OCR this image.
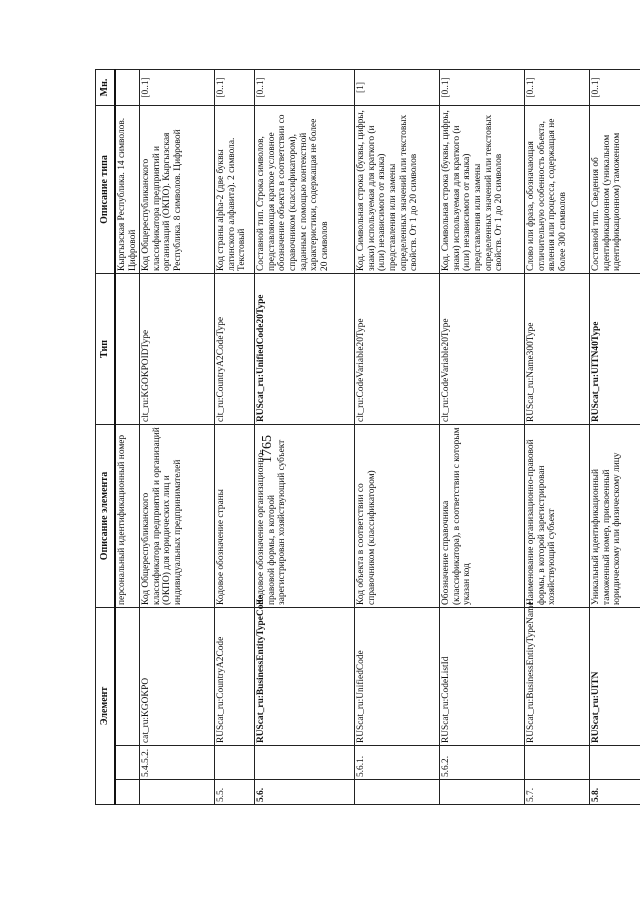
1765
Элемент			Описание элемента	Тип	Описание типа	Мн.
			персональный идентификационный номер		Кыргызская Республика. 14 символов. Цифровой	
	5.4.5.2.	cat_ru:KGOKPO	Код Общереспубликанского классификатора предприятий и организаций (ОКПО) для юридических лиц и индивидуальных предпринимателей	clt_ru:KGOKPOIDType	Код Общереспубликанского классификатора предприятий и организаций (ОКПО). Кыргызская Республика. 8 символов. Цифровой	[0..1]
5.5.		RUScat_ru:CountryA2Code	Кодовое обозначение страны	clt_ru:CountryA2CodeType	Код страны alpha-2 (две буквы латинского алфавита). 2 символа. Текстовый	[0..1]
5.6.		RUScat_ru:BusinessEntityTypeCode	Кодовое обозначение организационно-правовой формы, в которой зарегистрирован хозяйствующий субъект	RUScat_ru:UnifiedCode20Type	Составной тип. Строка символов, представляющая краткое условное обозначение объекта в соответствии со справочником (классификатором), заданным с помощью контекстной характеристики, содержащая не более 20 символов	[0..1]
	5.6.1.	RUScat_ru:UnifiedCode	Код объекта в соответствии со справочником (классификатором)	clt_ru:CodeVariable20Type	Код. Символьная строка (буквы, цифры, знаки) используемая для краткого (и (или) независимого от языка) представления или замены определенных значений или текстовых свойств. От 1 до 20 символов	[1]
	5.6.2.	RUScat_ru:CodeListId	Обозначение справочника (классификатора), в соответствии с которым указан код	clt_ru:CodeVariable20Type	Код. Символьная строка (буквы, цифры, знаки) используемая для краткого (и (или) независимого от языка) представления или замены определенных значений или текстовых свойств. От 1 до 20 символов	[0..1]
5.7.		RUScat_ru:BusinessEntityTypeName	Наименование организационно-правовой формы, в которой зарегистрирован хозяйствующий субъект	RUScat_ru:Name300Type	Слово или фраза, обозначающая отличительную особенность объекта, явления или процесса, содержащая не более 300 символов	[0..1]
5.8.		RUScat_ru:UITN	Уникальный идентификационный таможенный номер, присвоенный юридическому или физическому лицу	RUScat_ru:UITN40Type	Составной тип. Сведения об идентификационном (уникальном идентификационном) таможенном	[0..1]
